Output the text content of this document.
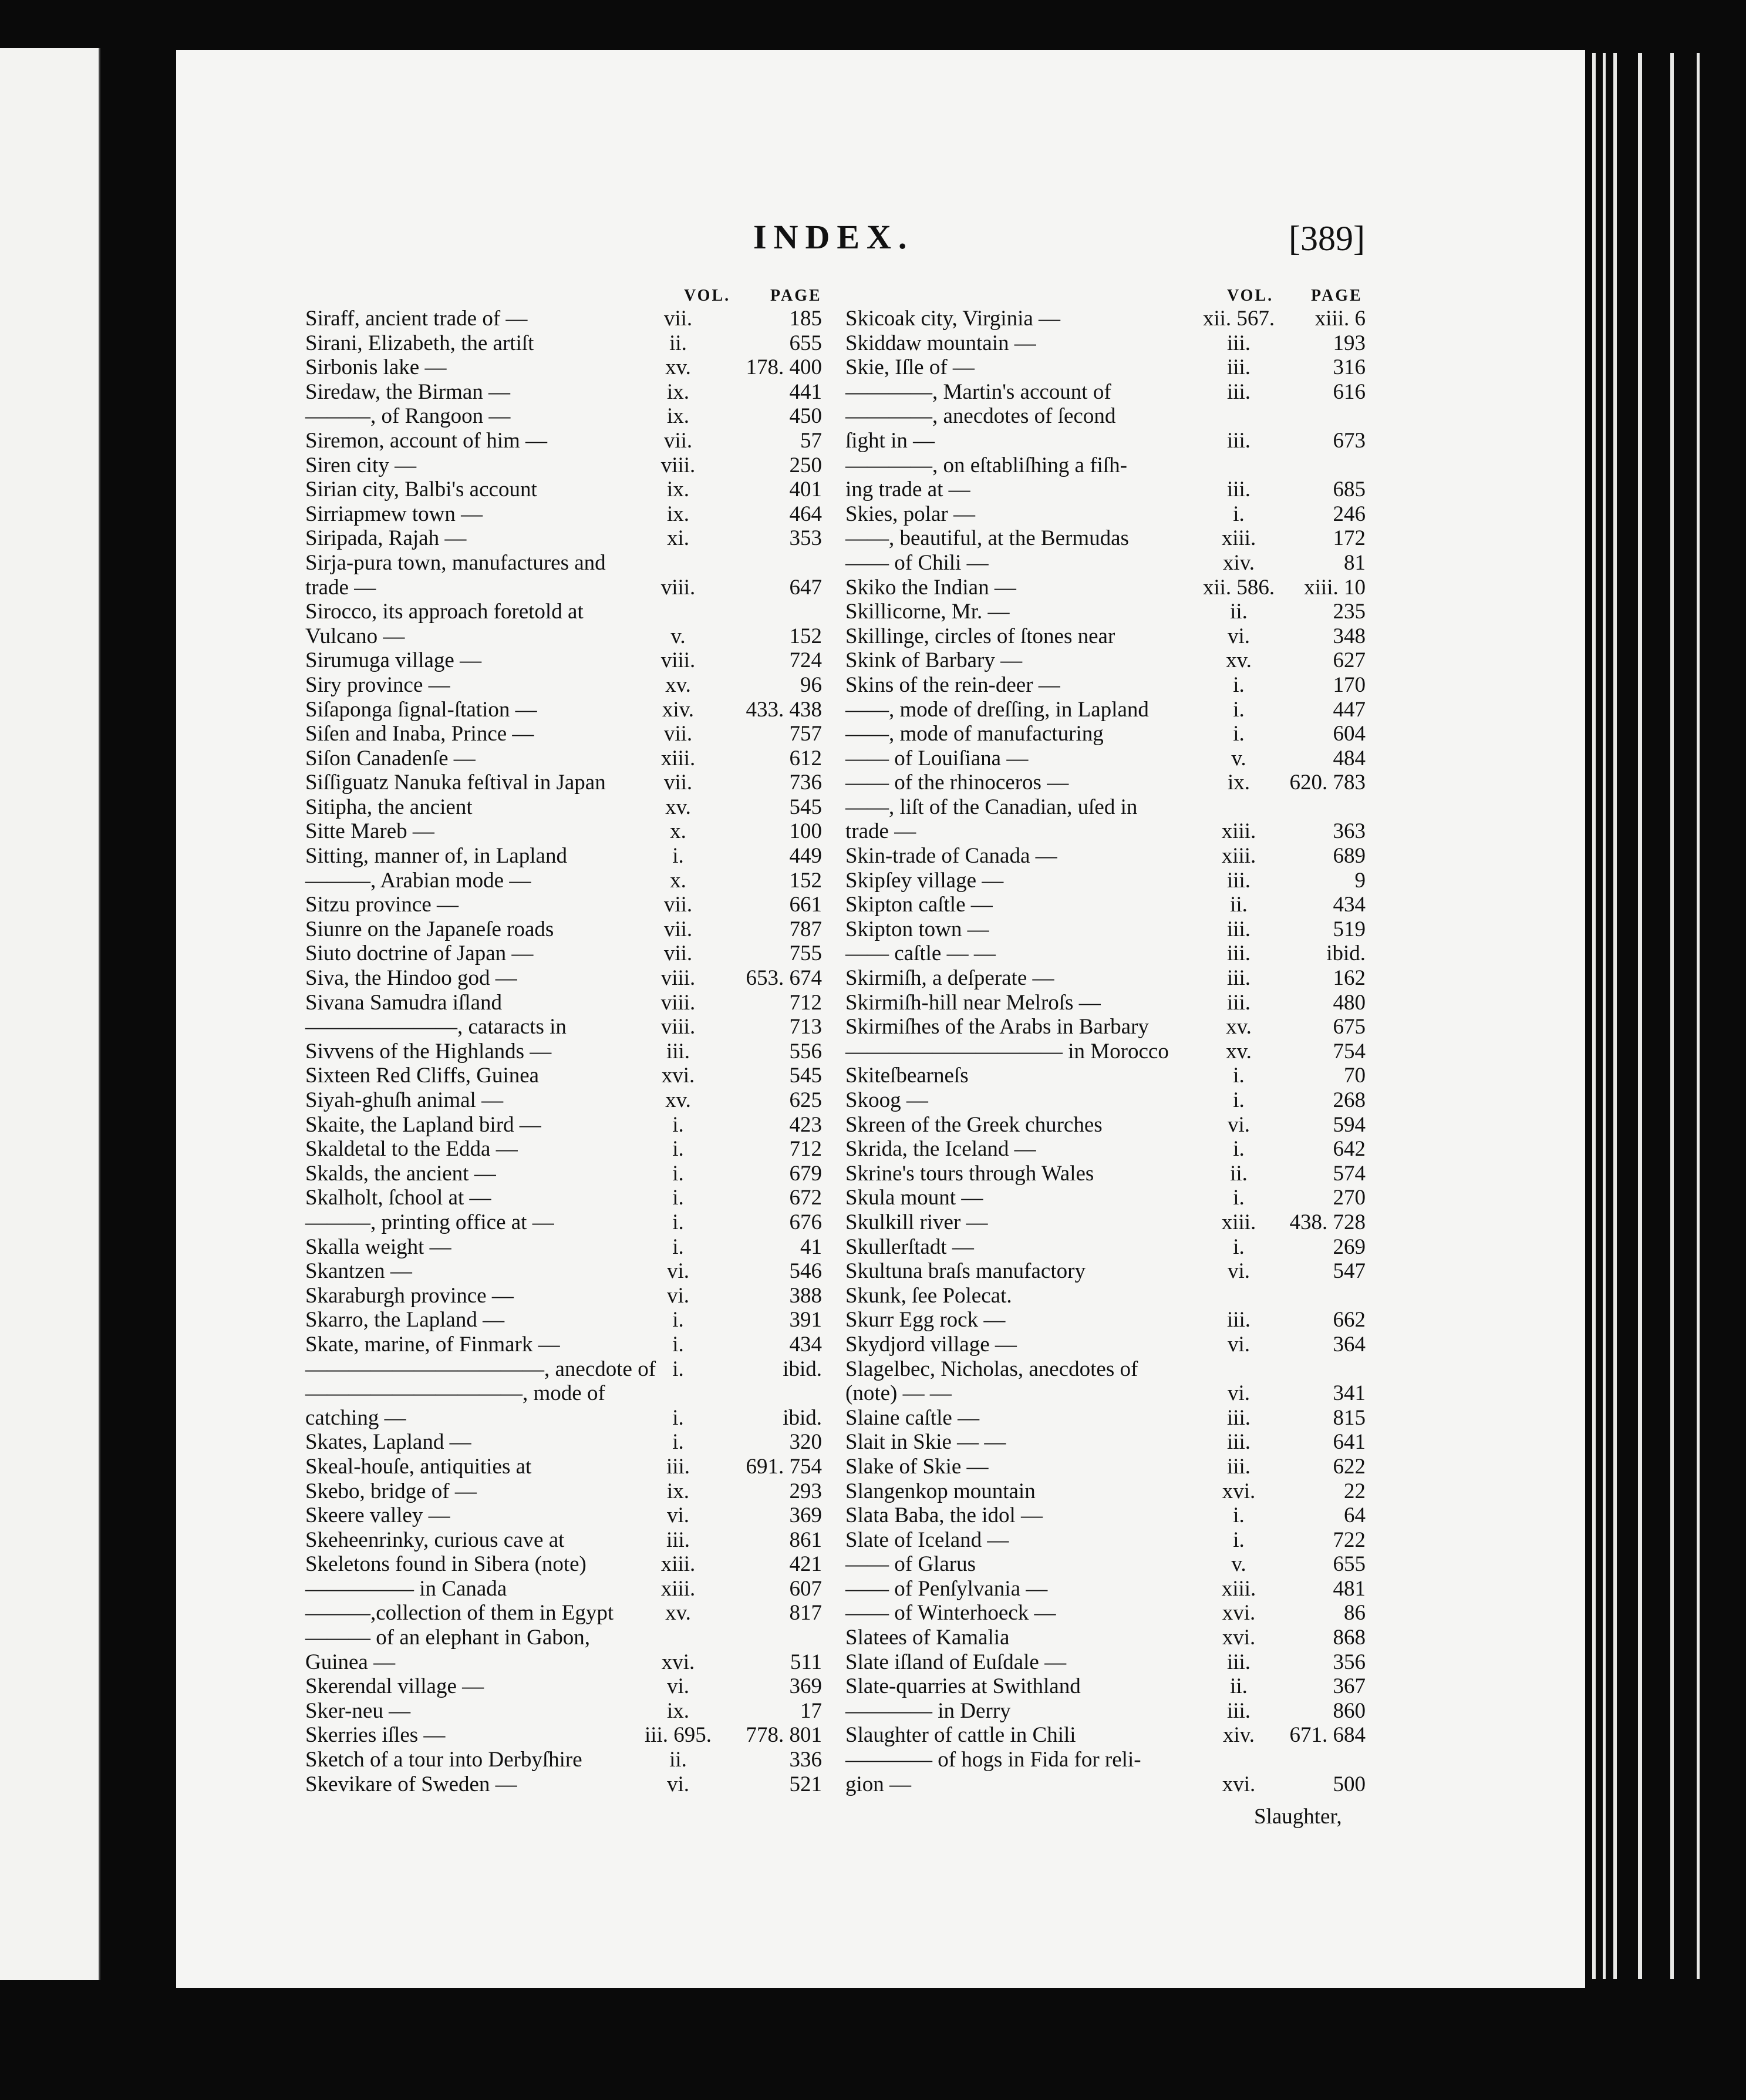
INDEX.	[389]
VOL. PAGE	VOL. PAGE
Siraff, ancient trade of —	vii.	185
Sirani, Elizabeth, the artiſt	ii.	655
Sirbonis lake —	xv.	178. 400
Siredaw, the Birman —	ix.	441
———, of Rangoon —	ix.	450
Siremon, account of him —	vii.	57
Siren city —	viii.	250
Sirian city, Balbi's account	ix.	401
Sirriapmew town —	ix.	464
Siripada, Rajah —	xi.	353
Sirja-pura town, manufactures and
trade —	viii.	647
Sirocco, its approach foretold at
Vulcano —	v.	152
Sirumuga village —	viii.	724
Siry province —	xv.	96
Siſaponga ſignal-ſtation —	xiv.	433. 438
Siſen and Inaba, Prince —	vii.	757
Siſon Canadenſe —	xiii.	612
Siſſiguatz Nanuka feſtival in Japan	vii.	736
Sitipha, the ancient	xv.	545
Sitte Mareb —	x.	100
Sitting, manner of, in Lapland	i.	449
———, Arabian mode —	x.	152
Sitzu province —	vii.	661
Siunre on the Japaneſe roads	vii.	787
Siuto doctrine of Japan —	vii.	755
Siva, the Hindoo god —	viii.	653. 674
Sivana Samudra iſland	viii.	712
———————, cataracts in	viii.	713
Sivvens of the Highlands —	iii.	556
Sixteen Red Cliffs, Guinea	xvi.	545
Siyah-ghuſh animal —	xv.	625
Skaite, the Lapland bird —	i.	423
Skaldetal to the Edda —	i.	712
Skalds, the ancient —	i.	679
Skalholt, ſchool at —	i.	672
———, printing office at —	i.	676
Skalla weight —	i.	41
Skantzen —	vi.	546
Skaraburgh province —	vi.	388
Skarro, the Lapland —	i.	391
Skate, marine, of Finmark —	i.	434
———————————, anecdote of i.	ibid.
——————————, mode of
catching —	i.	ibid.
Skates, Lapland —	i.	320
Skeal-houſe, antiquities at	iii.	691. 754
Skebo, bridge of —	ix.	293
Skeere valley —	vi.	369
Skeheenrinky, curious cave at	iii.	861
Skeletons found in Sibera (note)	xiii.	421
————— in Canada	xiii.	607
———,collection of them in Egypt	xv.	817
——— of an elephant in Gabon,
Guinea —	xvi.	511
Skerendal village —	vi.	369
Sker-neu —	ix.	17
Skerries iſles —	iii. 695.	778. 801
Sketch of a tour into Derbyſhire	ii.	336
Skevikare of Sweden —	vi.	521
Skicoak city, Virginia —	xii. 567.	xiii. 6
Skiddaw mountain —	iii.	193
Skie, Iſle of —	iii.	316
————, Martin's account of	iii.	616
————, anecdotes of ſecond
ſight in —	iii.	673
————, on eſtabliſhing a fiſh-
ing trade at —	iii.	685
Skies, polar —	i.	246
——, beautiful, at the Bermudas	xiii.	172
—— of Chili —	xiv.	81
Skiko the Indian —	xii. 586.	xiii. 10
Skillicorne, Mr. —	ii.	235
Skillinge, circles of ſtones near	vi.	348
Skink of Barbary —	xv.	627
Skins of the rein-deer —	i.	170
——, mode of dreſſing, in Lapland	i.	447
——, mode of manufacturing	i.	604
—— of Louiſiana —	v.	484
—— of the rhinoceros —	ix.	620. 783
——, liſt of the Canadian, uſed in
trade —	xiii.	363
Skin-trade of Canada —	xiii.	689
Skipſey village —	iii.	9
Skipton caſtle —	ii.	434
Skipton town —	iii.	519
—— caſtle — —	iii.	ibid.
Skirmiſh, a deſperate —	iii.	162
Skirmiſh-hill near Melroſs —	iii.	480
Skirmiſhes of the Arabs in Barbary	xv.	675
—————————— in Morocco	xv.	754
Skiteſbearneſs	i.	70
Skoog —	i.	268
Skreen of the Greek churches	vi.	594
Skrida, the Iceland —	i.	642
Skrine's tours through Wales	ii.	574
Skula mount —	i.	270
Skulkill river —	xiii.	438. 728
Skullerſtadt —	i.	269
Skultuna braſs manufactory	vi.	547
Skunk, ſee Polecat.
Skurr Egg rock —	iii.	662
Skydjord village —	vi.	364
Slagelbec, Nicholas, anecdotes of
(note) — —	vi.	341
Slaine caſtle —	iii.	815
Slait in Skie — —	iii.	641
Slake of Skie —	iii.	622
Slangenkop mountain	xvi.	22
Slata Baba, the idol —	i.	64
Slate of Iceland —	i.	722
—— of Glarus	v.	655
—— of Penſylvania —	xiii.	481
—— of Winterhoeck —	xvi.	86
Slatees of Kamalia	xvi.	868
Slate iſland of Euſdale —	iii.	356
Slate-quarries at Swithland	ii.	367
———— in Derry	iii.	860
Slaughter of cattle in Chili	xiv.	671. 684
———— of hogs in Fida for reli-
gion —	xvi.	500
Slaughter,
